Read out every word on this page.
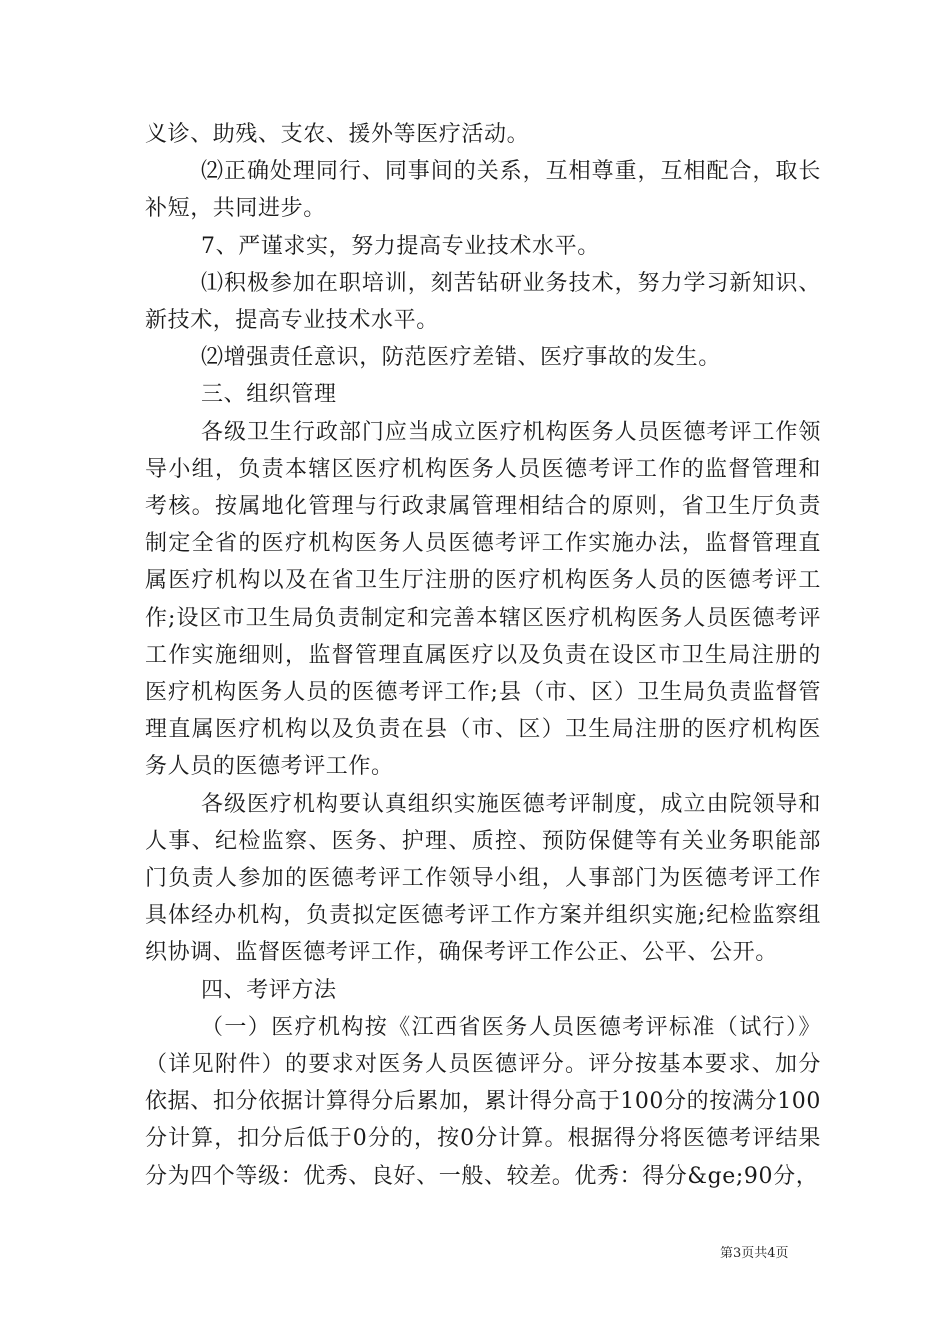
义诊、助残、支农、援外等医疗活动。

⑵正确处理同行、同事间的关系，互相尊重，互相配合，取长补短，共同进步。

7、严谨求实，努力提高专业技术水平。

⑴积极参加在职培训，刻苦钻研业务技术，努力学习新知识、新技术，提高专业技术水平。

⑵增强责任意识，防范医疗差错、医疗事故的发生。

三、组织管理

各级卫生行政部门应当成立医疗机构医务人员医德考评工作领导小组，负责本辖区医疗机构医务人员医德考评工作的监督管理和考核。按属地化管理与行政隶属管理相结合的原则，省卫生厅负责制定全省的医疗机构医务人员医德考评工作实施办法，监督管理直属医疗机构以及在省卫生厅注册的医疗机构医务人员的医德考评工作;设区市卫生局负责制定和完善本辖区医疗机构医务人员医德考评工作实施细则，监督管理直属医疗以及负责在设区市卫生局注册的医疗机构医务人员的医德考评工作;县（市、区）卫生局负责监督管理直属医疗机构以及负责在县（市、区）卫生局注册的医疗机构医务人员的医德考评工作。

各级医疗机构要认真组织实施医德考评制度，成立由院领导和人事、纪检监察、医务、护理、质控、预防保健等有关业务职能部门负责人参加的医德考评工作领导小组，人事部门为医德考评工作具体经办机构，负责拟定医德考评工作方案并组织实施;纪检监察组织协调、监督医德考评工作，确保考评工作公正、公平、公开。

四、考评方法

（一）医疗机构按《江西省医务人员医德考评标准（试行）》（详见附件）的要求对医务人员医德评分。评分按基本要求、加分依据、扣分依据计算得分后累加，累计得分高于100分的按满分100分计算，扣分后低于0分的，按0分计算。根据得分将医德考评结果分为四个等级：优秀、良好、一般、较差。优秀：得分&ge;90分，

第3页共4页
